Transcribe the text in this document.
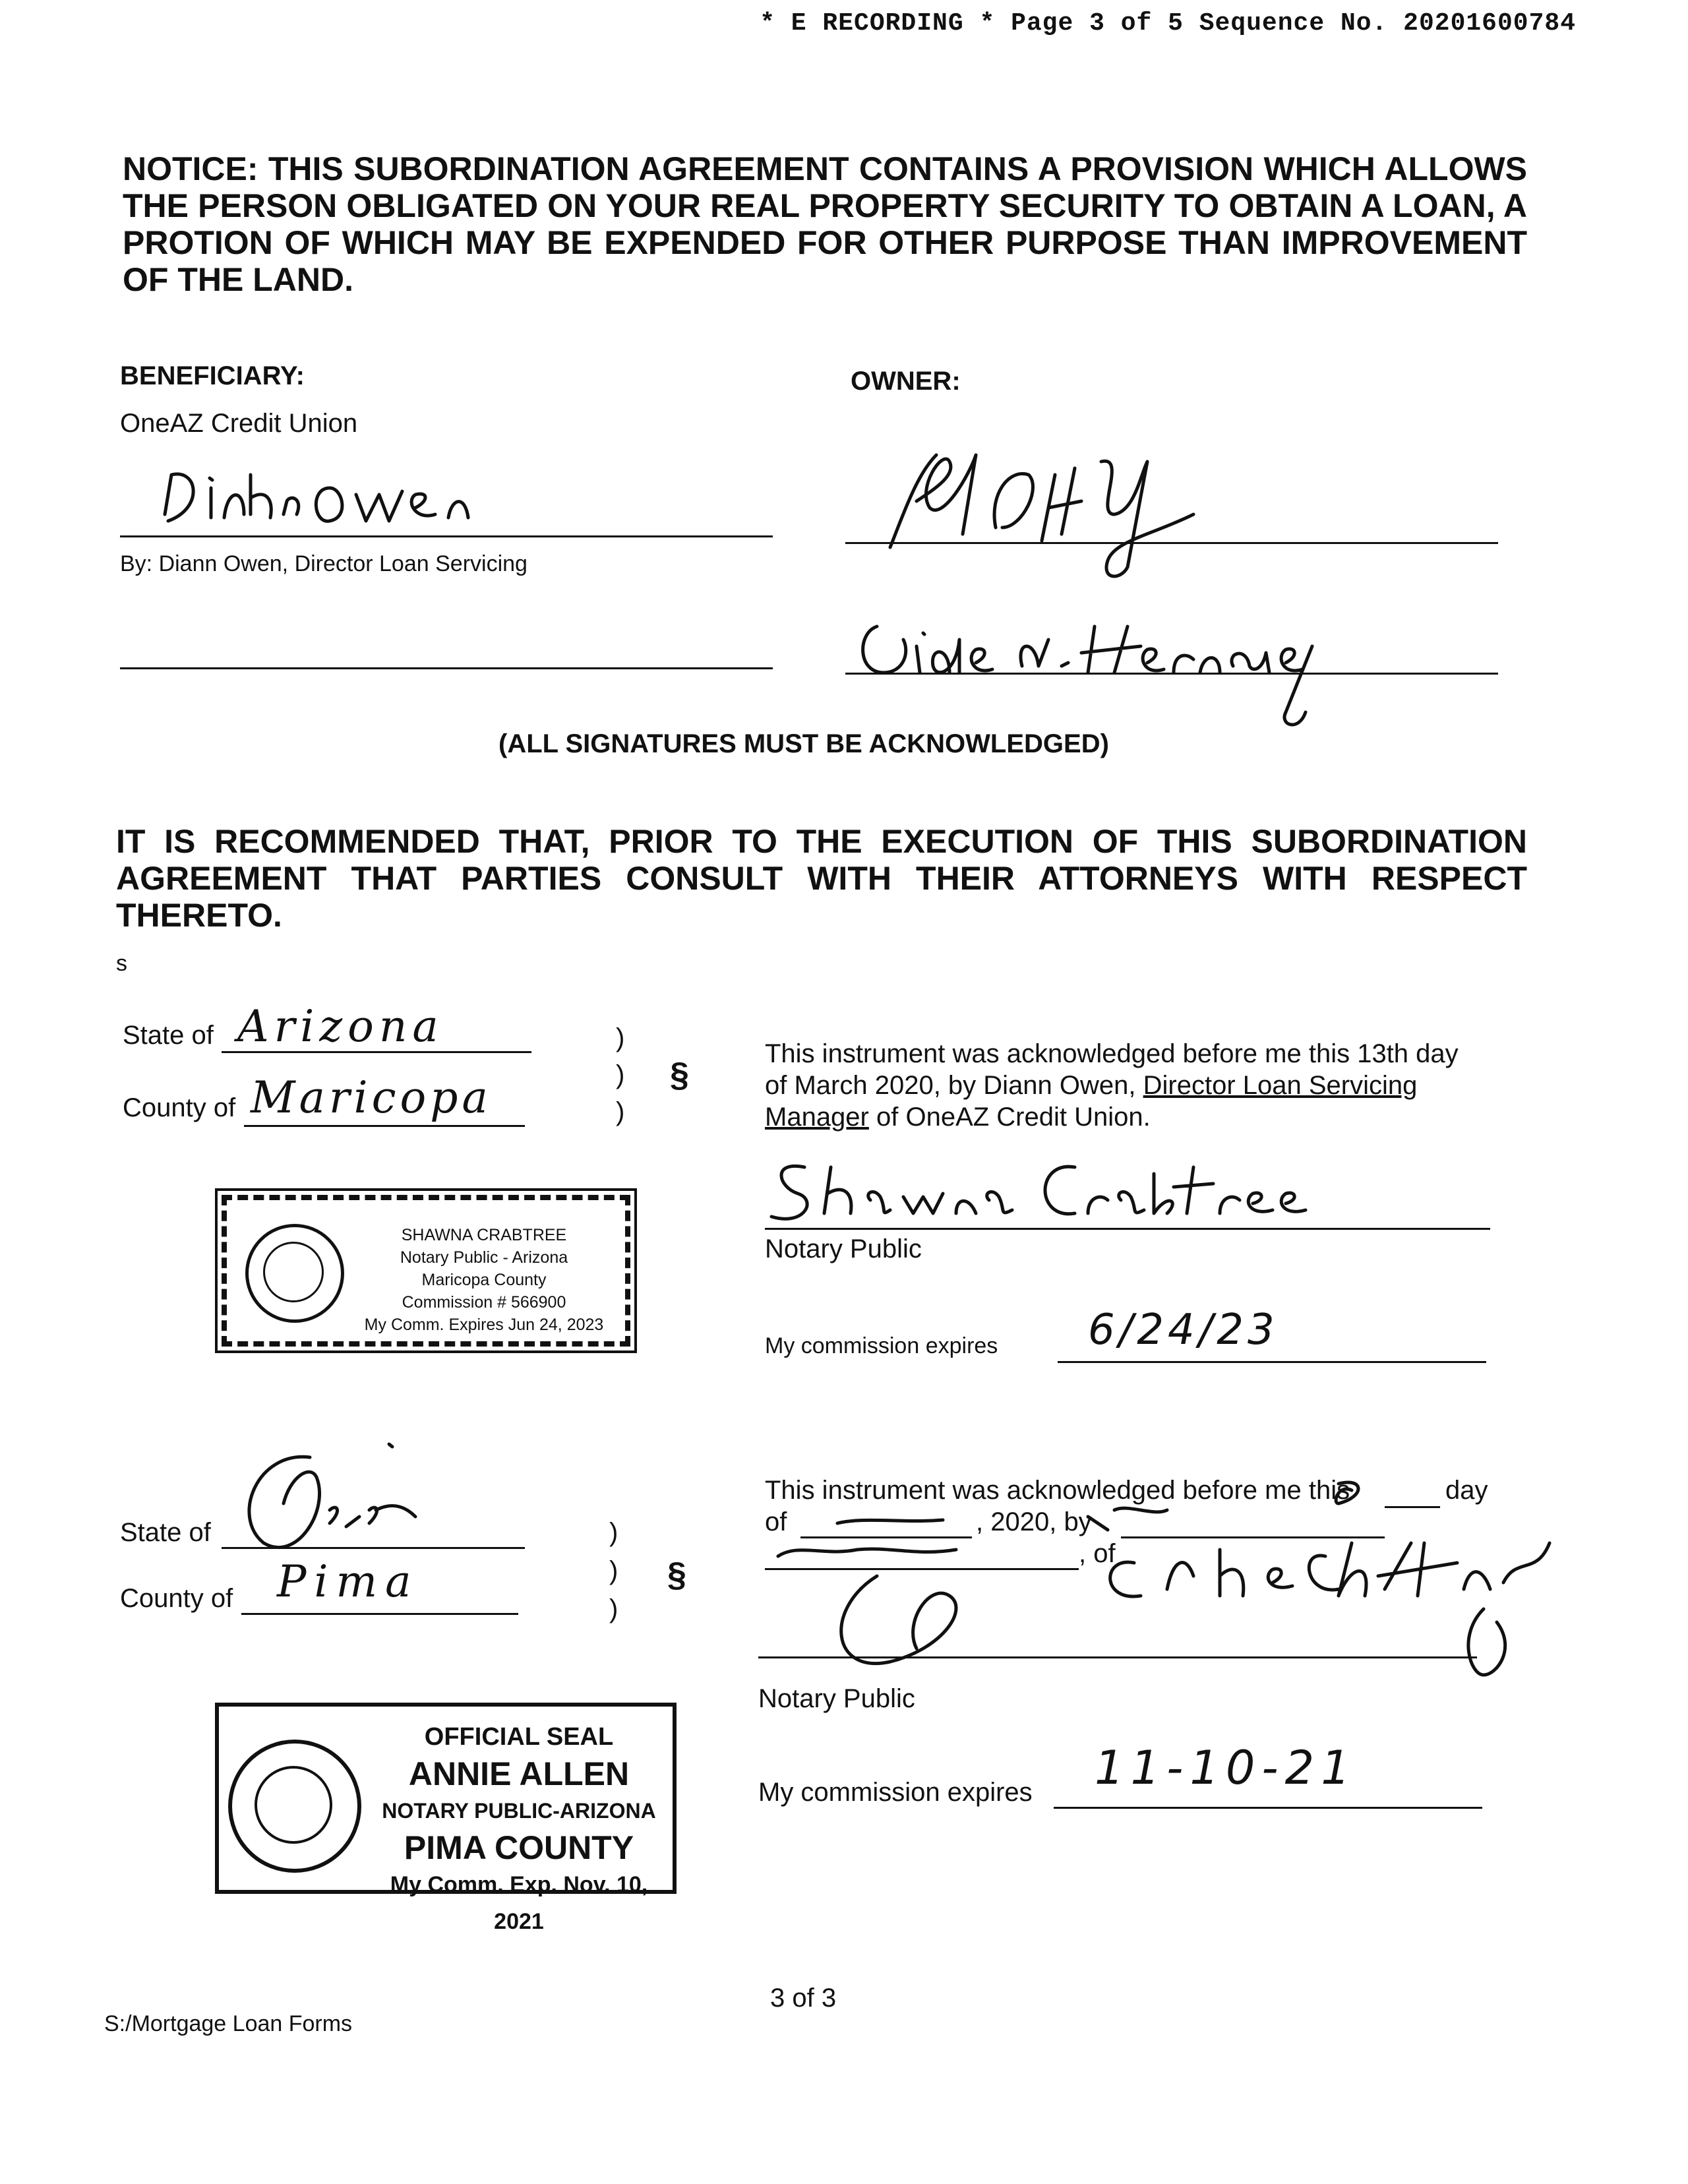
* E RECORDING * Page 3 of 5 Sequence No. 20201600784
NOTICE: THIS SUBORDINATION AGREEMENT CONTAINS A PROVISION WHICH ALLOWS THE PERSON OBLIGATED ON YOUR REAL PROPERTY SECURITY TO OBTAIN A LOAN, A PROTION OF WHICH MAY BE EXPENDED FOR OTHER PURPOSE THAN IMPROVEMENT OF THE LAND.
BENEFICIARY:
OneAZ Credit Union
By: Diann Owen, Director Loan Servicing
OWNER:
(ALL SIGNATURES MUST BE ACKNOWLEDGED)
IT IS RECOMMENDED THAT, PRIOR TO THE EXECUTION OF THIS SUBORDINATION AGREEMENT THAT PARTIES CONSULT WITH THEIR ATTORNEYS WITH RESPECT THERETO.
s
State of Arizona
County of Maricopa
)
)
)
§
This instrument was acknowledged before me this 13th day
of March 2020, by Diann Owen, Director Loan Servicing
Manager of OneAZ Credit Union.
Notary Public
My commission expires 6/24/23
SHAWNA CRABTREE
Notary Public - Arizona
Maricopa County
Commission # 566900
My Comm. Expires Jun 24, 2023
State of
County of Pima
)
)
)
§
This instrument was acknowledged before me this	day
of	, 2020, by
, of
Notary Public
My commission expires 11-10-21
OFFICIAL SEAL
ANNIE ALLEN
NOTARY PUBLIC-ARIZONA
PIMA COUNTY
My Comm. Exp. Nov. 10, 2021
3 of 3
S:/Mortgage Loan Forms
